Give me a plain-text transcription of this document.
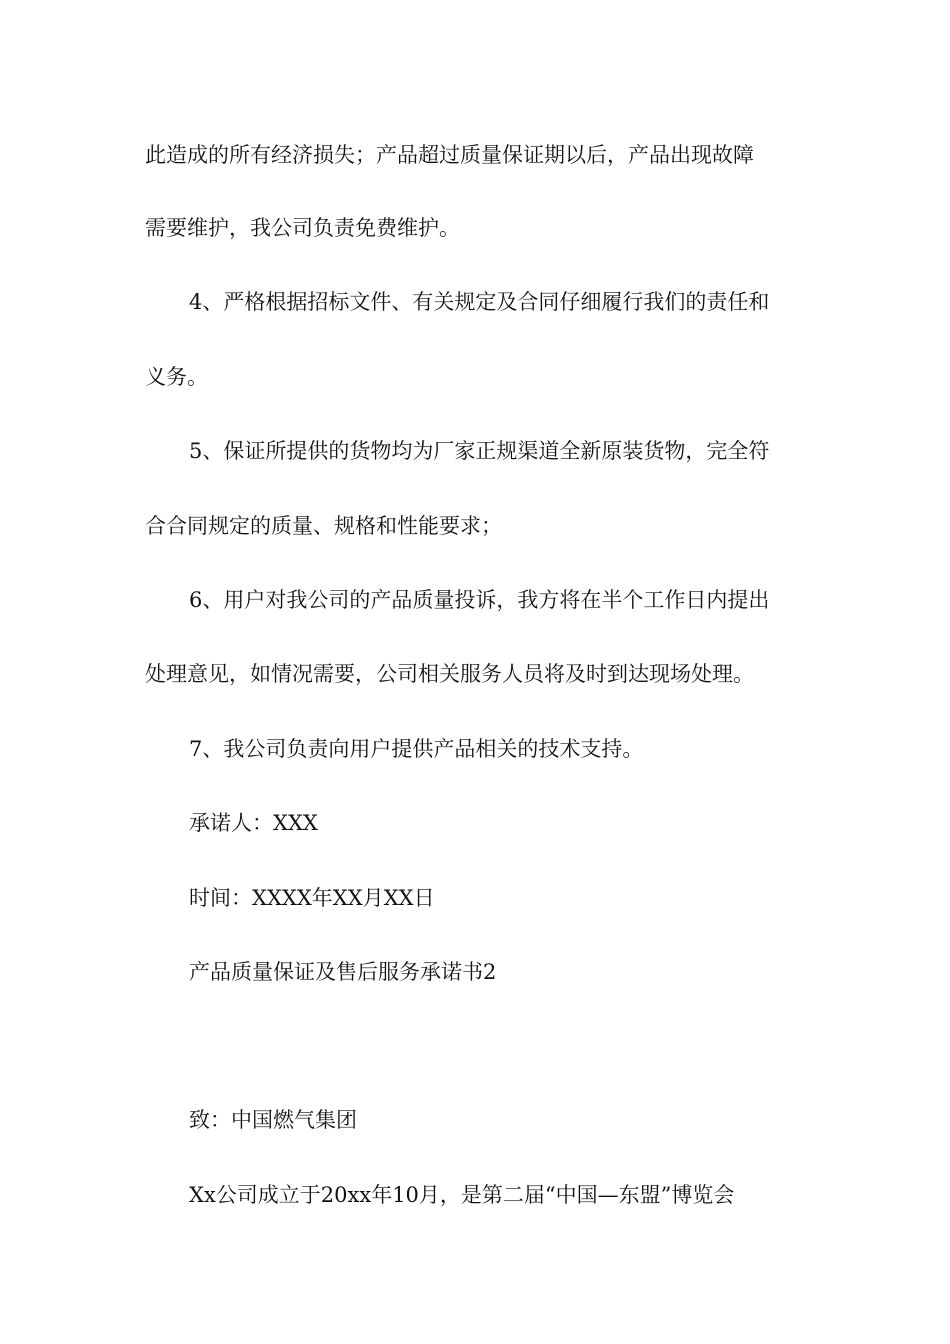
此造成的所有经济损失；产品超过质量保证期以后，产品出现故障
需要维护，我公司负责免费维护。
4、严格根据招标文件、有关规定及合同仔细履行我们的责任和
义务。
5、保证所提供的货物均为厂家正规渠道全新原装货物，完全符
合合同规定的质量、规格和性能要求；
6、用户对我公司的产品质量投诉，我方将在半个工作日内提出
处理意见，如情况需要，公司相关服务人员将及时到达现场处理。
7、我公司负责向用户提供产品相关的技术支持。
承诺人：XXX
时间：XXXX年XX月XX日
产品质量保证及售后服务承诺书2
致：中国燃气集团
Xx公司成立于20xx年10月，是第二届“中国—东盟”博览会
